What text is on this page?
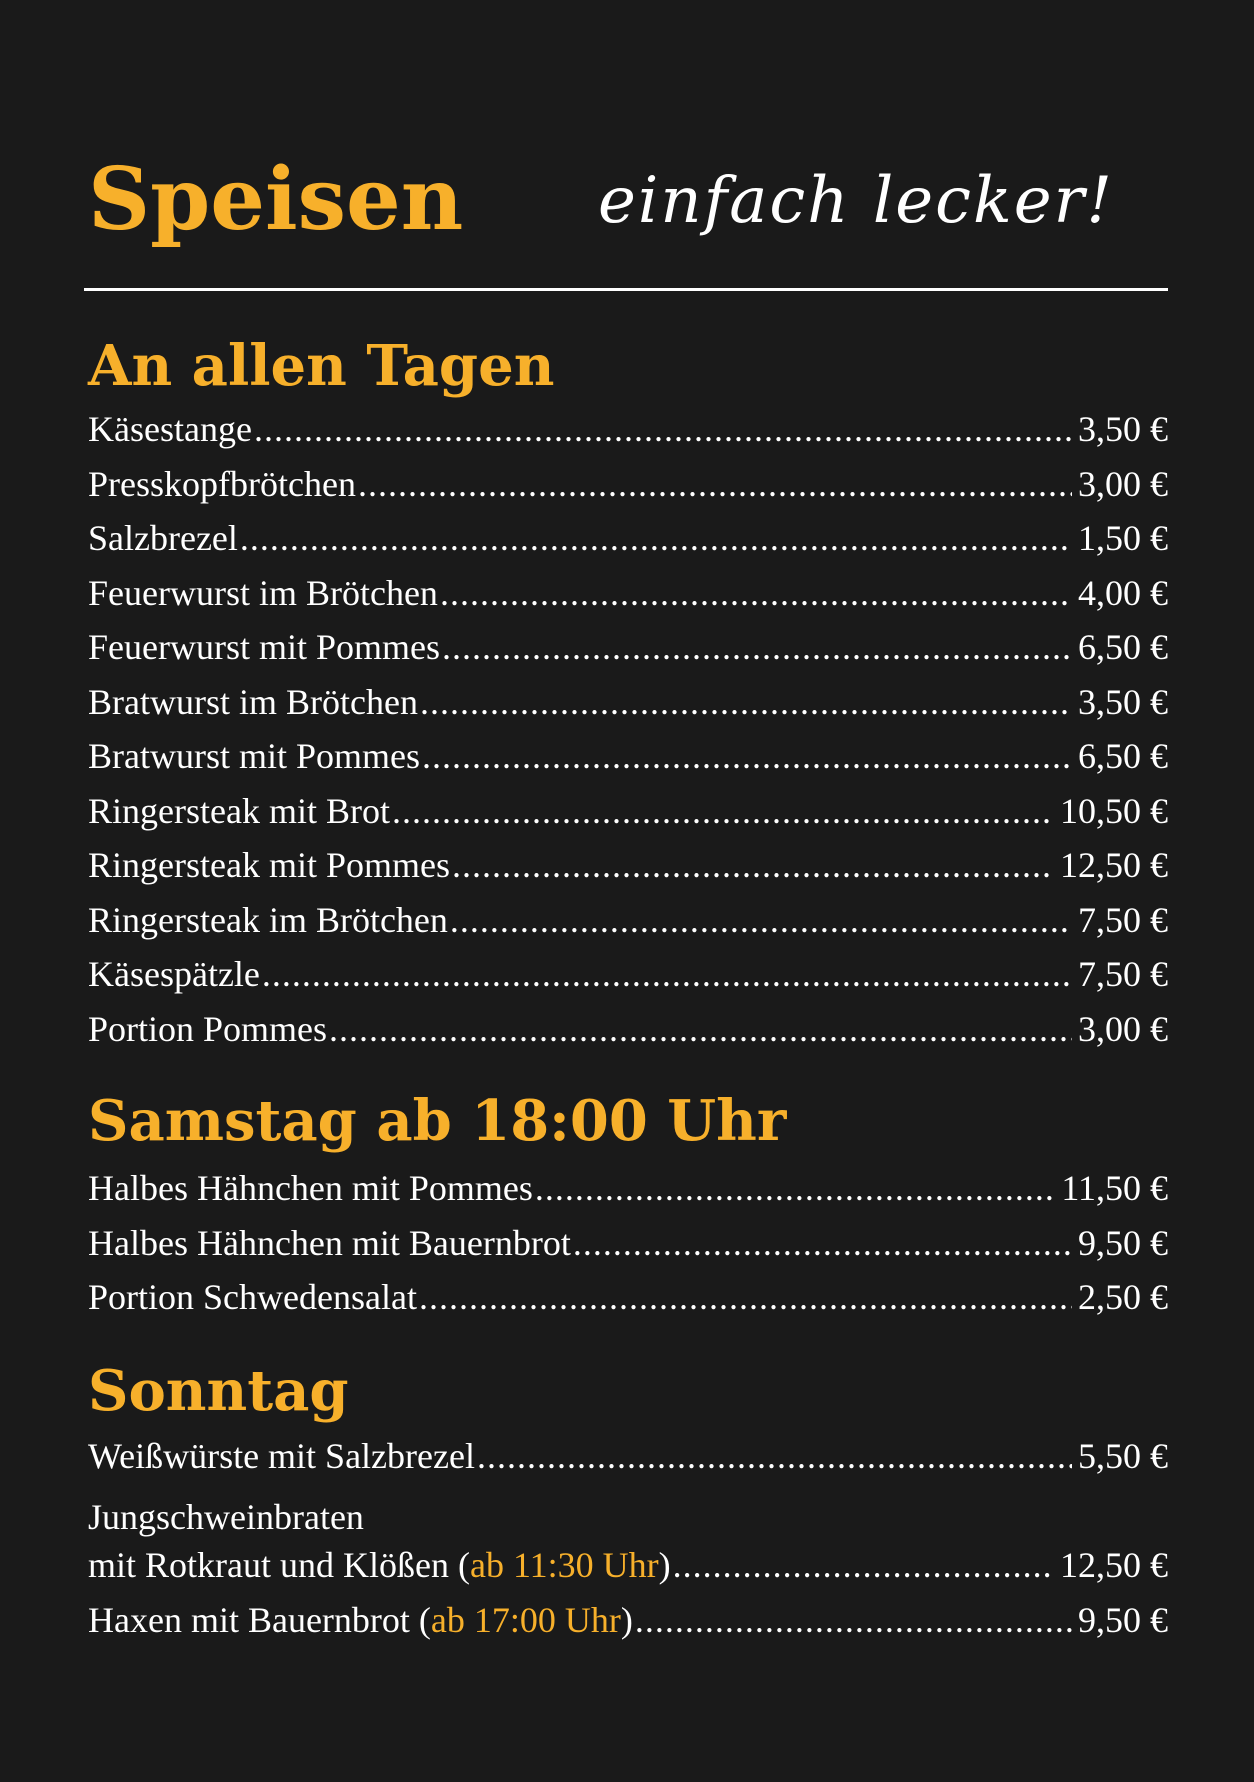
Speisen einfach lecker!
An allen Tagen
Käsestange .....	3,50 €
Presskopfbrötchen .....	3,00 €
Salzbrezel .....	1,50 €
Feuerwurst im Brötchen .....	4,00 €
Feuerwurst mit Pommes .....	6,50 €
Bratwurst im Brötchen .....	3,50 €
Bratwurst mit Pommes .....	6,50 €
Ringersteak mit Brot .....	10,50 €
Ringersteak mit Pommes .....	12,50 €
Ringersteak im Brötchen .....	7,50 €
Käsespätzle .....	7,50 €
Portion Pommes .....	3,00 €
Samstag ab 18:00 Uhr
Halbes Hähnchen mit Pommes .....	11,50 €
Halbes Hähnchen mit Bauernbrot .....	9,50 €
Portion Schwedensalat .....	2,50 €
Sonntag
Weißwürste mit Salzbrezel .....	5,50 €
Jungschweinbraten
mit Rotkraut und Klößen (ab 11:30 Uhr) .....	12,50 €
Haxen mit Bauernbrot (ab 17:00 Uhr) .....	9,50 €
